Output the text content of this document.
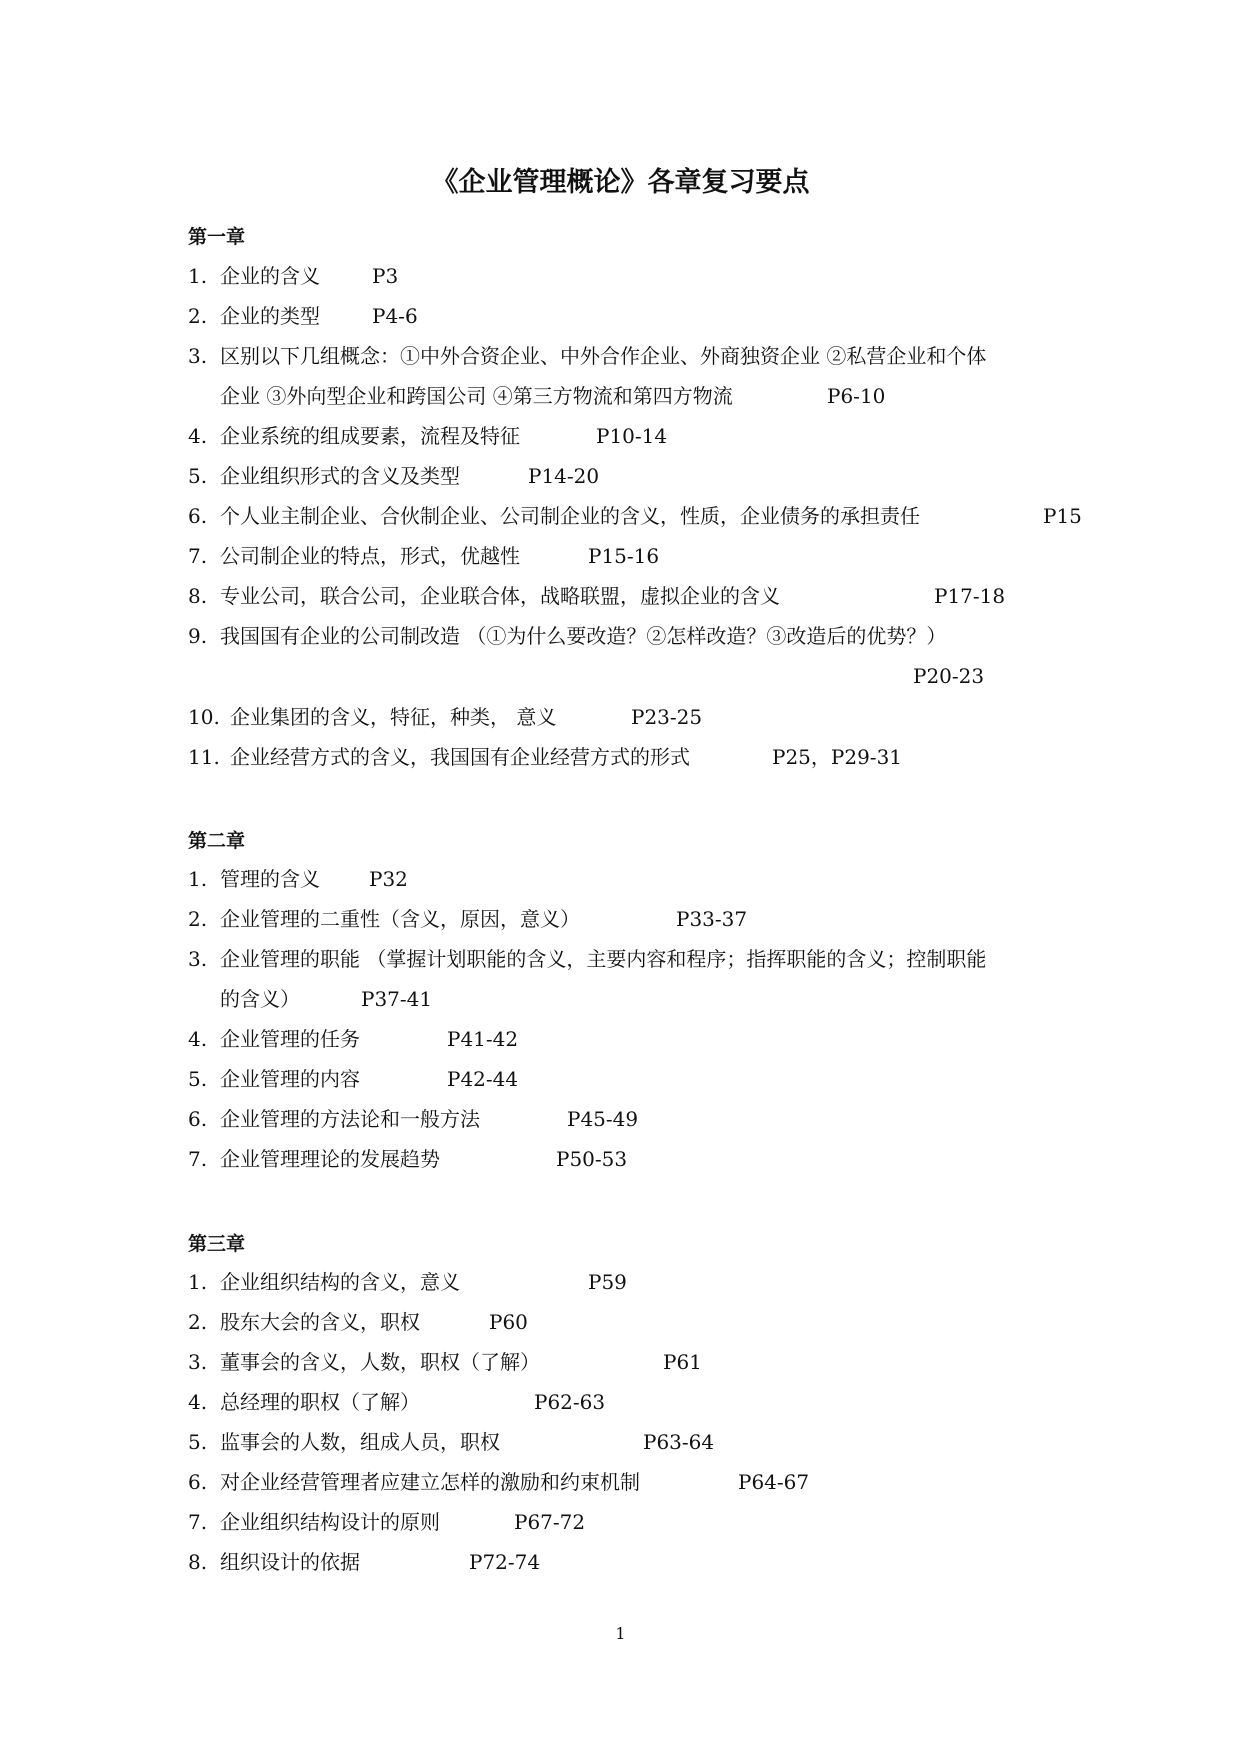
《企业管理概论》各章复习要点
第一章
1. 企业的含义	P3
2. 企业的类型	P4-6
3. 区别以下几组概念：①中外合资企业、中外合作企业、外商独资企业 ②私营企业和个体
企业 ③外向型企业和跨国公司 ④第三方物流和第四方物流	P6-10
4. 企业系统的组成要素，流程及特征	P10-14
5. 企业组织形式的含义及类型	P14-20
6. 个人业主制企业、合伙制企业、公司制企业的含义，性质，企业债务的承担责任	P15
7. 公司制企业的特点，形式，优越性	P15-16
8. 专业公司，联合公司，企业联合体，战略联盟，虚拟企业的含义	P17-18
9. 我国国有企业的公司制改造 （①为什么要改造？②怎样改造？③改造后的优势？）
P20-23
10. 企业集团的含义，特征，种类， 意义	P23-25
11. 企业经营方式的含义，我国国有企业经营方式的形式	P25，P29-31
第二章
1. 管理的含义 P32
2. 企业管理的二重性（含义，原因，意义）	P33-37
3. 企业管理的职能 （掌握计划职能的含义，主要内容和程序；指挥职能的含义；控制职能
的含义）	P37-41
4. 企业管理的任务	P41-42
5. 企业管理的内容	P42-44
6. 企业管理的方法论和一般方法	P45-49
7. 企业管理理论的发展趋势	P50-53
第三章
1. 企业组织结构的含义，意义	P59
2. 股东大会的含义，职权	P60
3. 董事会的含义，人数，职权（了解）	P61
4. 总经理的职权（了解）	P62-63
5. 监事会的人数，组成人员，职权	P63-64
6. 对企业经营管理者应建立怎样的激励和约束机制	P64-67
7. 企业组织结构设计的原则	P67-72
8. 组织设计的依据	P72-74
1
